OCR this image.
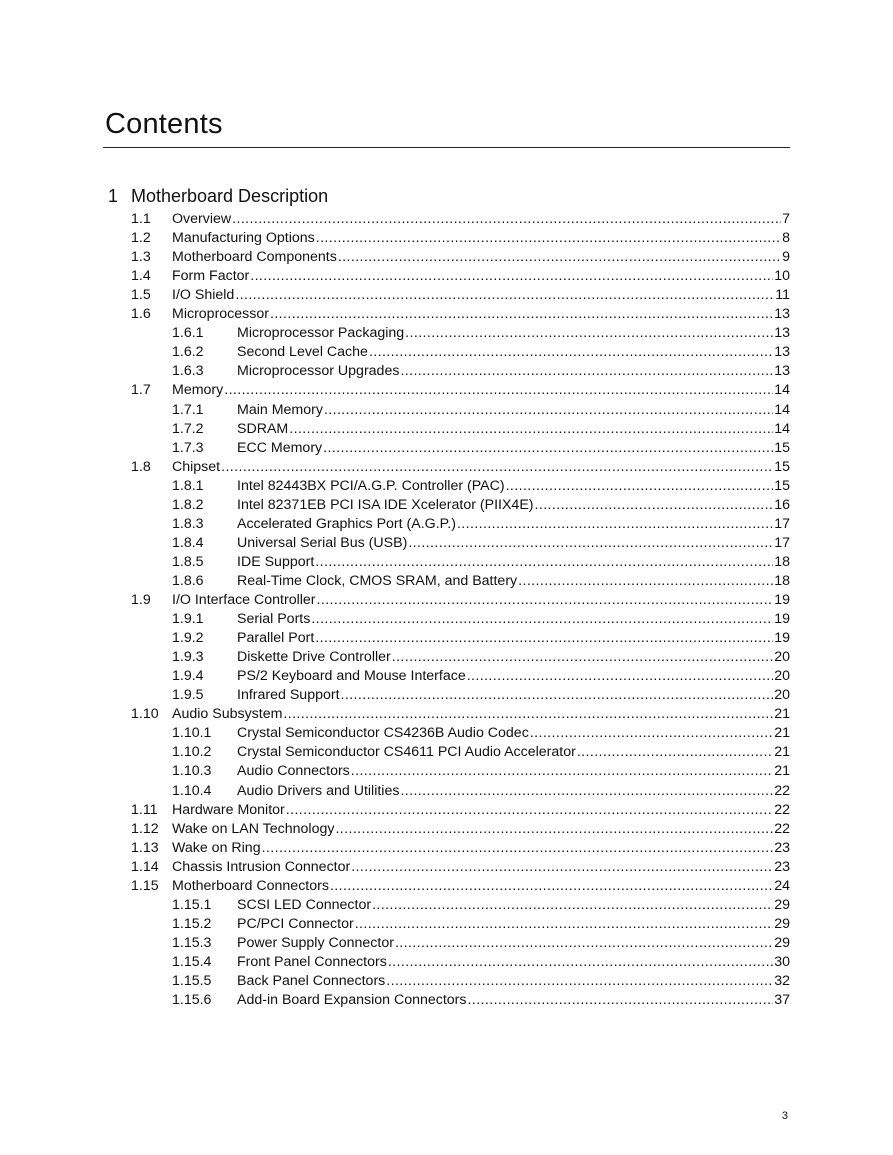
Contents
1 Motherboard Description
1.1 Overview .....	7
1.2 Manufacturing Options .....	8
1.3 Motherboard Components .....	9
1.4 Form Factor .....	10
1.5 I/O Shield .....	11
1.6 Microprocessor .....	13
1.6.1 Microprocessor Packaging .....	13
1.6.2 Second Level Cache .....	13
1.6.3 Microprocessor Upgrades .....	13
1.7 Memory .....	14
1.7.1 Main Memory .....	14
1.7.2 SDRAM .....	14
1.7.3 ECC Memory .....	15
1.8 Chipset .....	15
1.8.1 Intel 82443BX PCI/A.G.P. Controller (PAC) .....	15
1.8.2 Intel 82371EB PCI ISA IDE Xcelerator (PIIX4E) .....	16
1.8.3 Accelerated Graphics Port (A.G.P.) .....	17
1.8.4 Universal Serial Bus (USB) .....	17
1.8.5 IDE Support .....	18
1.8.6 Real-Time Clock, CMOS SRAM, and Battery .....	18
1.9 I/O Interface Controller .....	19
1.9.1 Serial Ports .....	19
1.9.2 Parallel Port .....	19
1.9.3 Diskette Drive Controller .....	20
1.9.4 PS/2 Keyboard and Mouse Interface .....	20
1.9.5 Infrared Support .....	20
1.10 Audio Subsystem .....	21
1.10.1 Crystal Semiconductor CS4236B Audio Codec .....	21
1.10.2 Crystal Semiconductor CS4611 PCI Audio Accelerator .....	21
1.10.3 Audio Connectors .....	21
1.10.4 Audio Drivers and Utilities .....	22
1.11 Hardware Monitor .....	22
1.12 Wake on LAN Technology .....	22
1.13 Wake on Ring .....	23
1.14 Chassis Intrusion Connector .....	23
1.15 Motherboard Connectors .....	24
1.15.1 SCSI LED Connector .....	29
1.15.2 PC/PCI Connector .....	29
1.15.3 Power Supply Connector .....	29
1.15.4 Front Panel Connectors .....	30
1.15.5 Back Panel Connectors .....	32
1.15.6 Add-in Board Expansion Connectors .....	37
3
